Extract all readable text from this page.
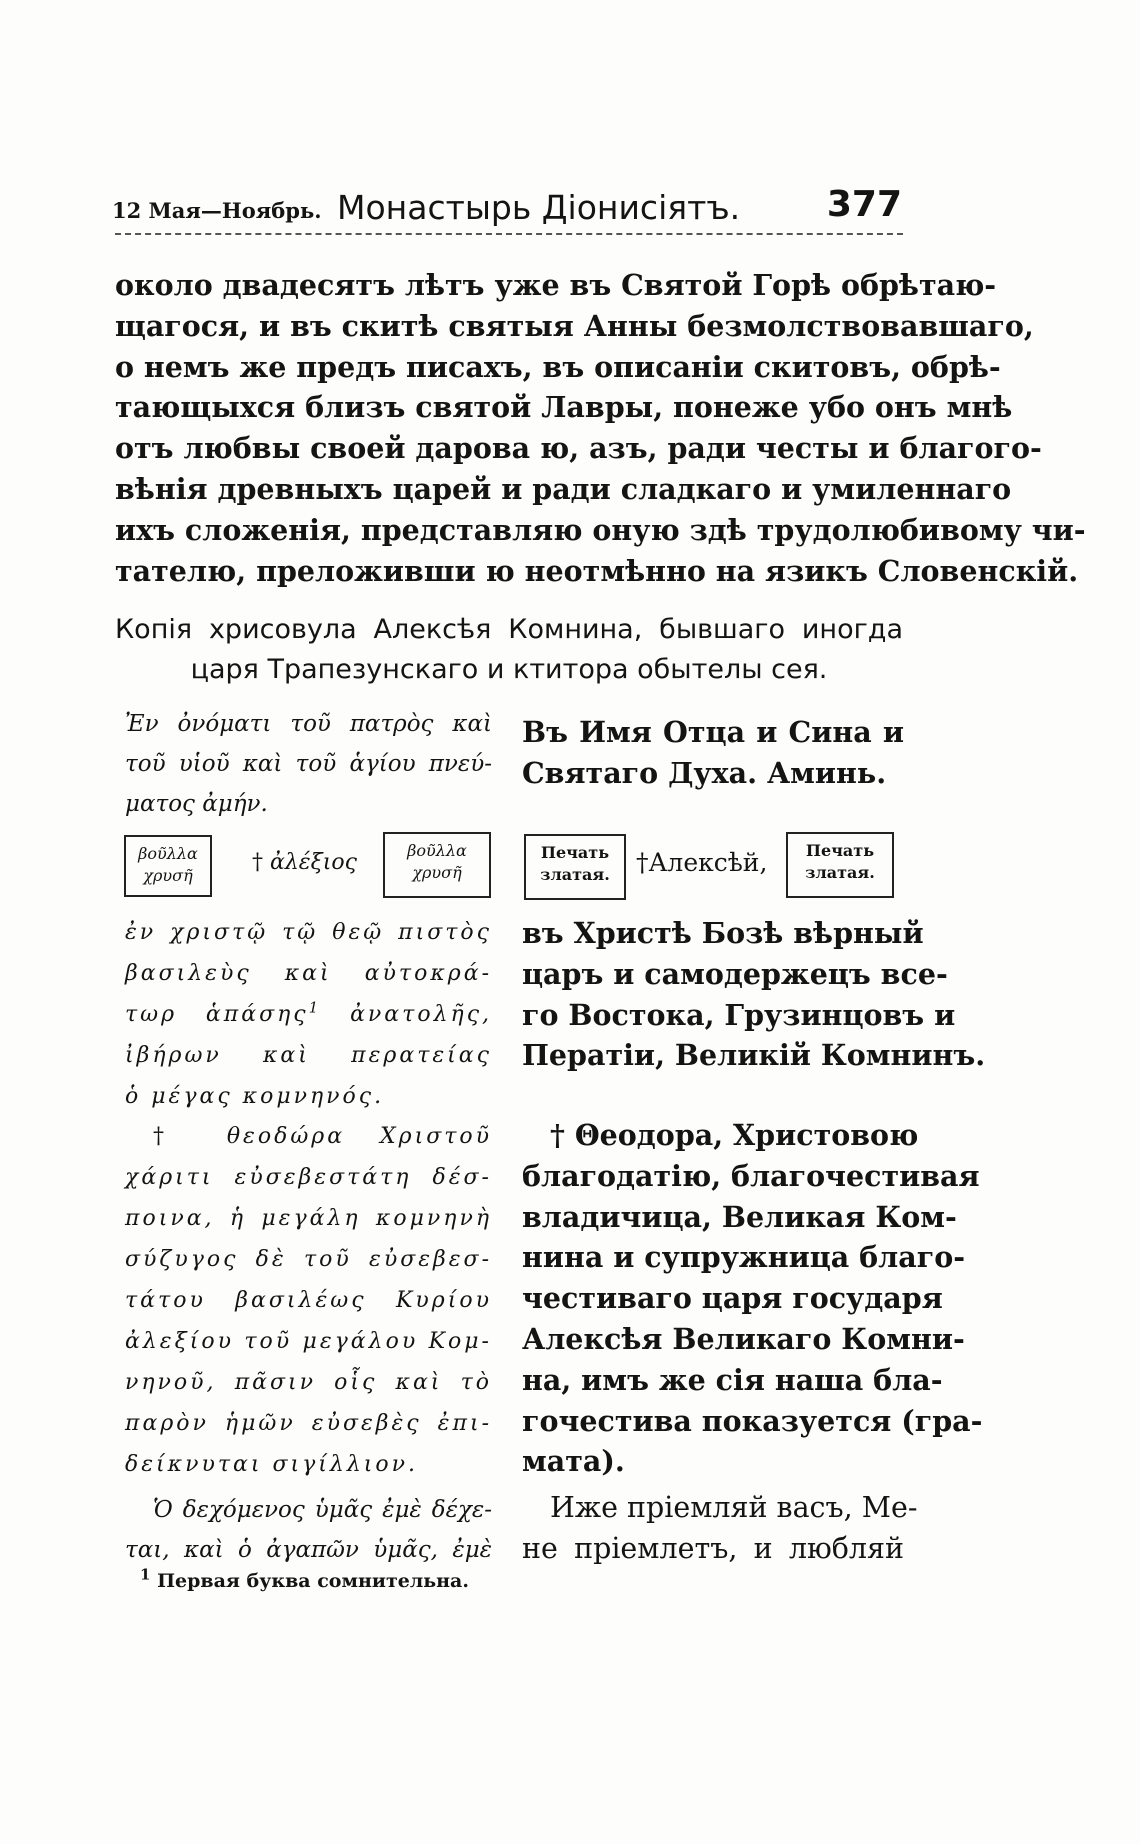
12 Мая—Ноябрь. Монастырь Діонисіятъ. 377
около двадесятъ лѣтъ уже въ Святой Горѣ обрѣтаю-
щагося, и въ скитѣ святыя Анны безмолствовавшаго,
о немъ же предъ писахъ, въ описаніи скитовъ, обрѣ-
тающыхся близъ святой Лавры, понеже убо онъ мнѣ
отъ любвы своей дарова ю, азъ, ради честы и благого-
вѣнія древныхъ царей и ради сладкаго и умиленнаго
ихъ сложенія, представляю оную здѣ трудолюбивому чи-
тателю, преложивши ю неотмѣнно на язикъ Словенскій.
Копія хрисовула Алексѣя Комнина, бывшаго иногда
царя Трапезунскаго и ктитора обытелы сея.
Ἐν ὀνόματι τοῦ πατρὸς καὶ
τοῦ υἱοῦ καὶ τοῦ ἁγίου πνεύ-
ματος ἀμήν.
βοῦλλα χρυσῆ
† ἀλέξιος	βοῦλλα χρυσῆ
ἐν χριστῷ τῷ θεῷ πιστὸς
βασιλεὺς καὶ αὐτοκρά-
τωρ ἁπάσης$^1$ ἀνατολῆς,
ἰβήρων καὶ περατείας
ὁ μέγας κομνηνός.
† θεοδώρα Χριστοῦ
χάριτι εὐσεβεστάτη δέσ-
ποινα, ἡ μεγάλη κομνηνὴ
σύζυγος δὲ τοῦ εὐσεβεσ-
τάτου βασιλέως Κυρίου
ἀλεξίου τοῦ μεγάλου Κομ-
νηνοῦ, πᾶσιν οἷς καὶ τὸ
παρὸν ἡμῶν εὐσεβὲς ἐπι-
δείκνυται σιγίλλιον.
Ὁ δεχόμενος ὑμᾶς ἐμὲ δέχε-
ται, καὶ ὁ ἀγαπῶν ὑμᾶς, ἐμὲ
Въ Имя Отца и Сина и
Святаго Духа. Аминь.
Печать златая.	†Алексѣй,	Печать златая.
въ Христѣ Бозѣ вѣрный
царъ и самодержецъ все-
го Востока, Грузинцовъ и
Ператіи, Великій Комнинъ.
† Θеодора, Христовою
благодатію, благочестивая
владичица, Великая Ком-
нина и супружница благо-
честиваго царя государя
Алексѣя Великаго Комни-
на, имъ же сія наша бла-
гочестива показуется (гра-
мата).
Иже пріемляй васъ, Ме-
не пріемлетъ, и любляй
$^1$ Первая буква сомнительна.
